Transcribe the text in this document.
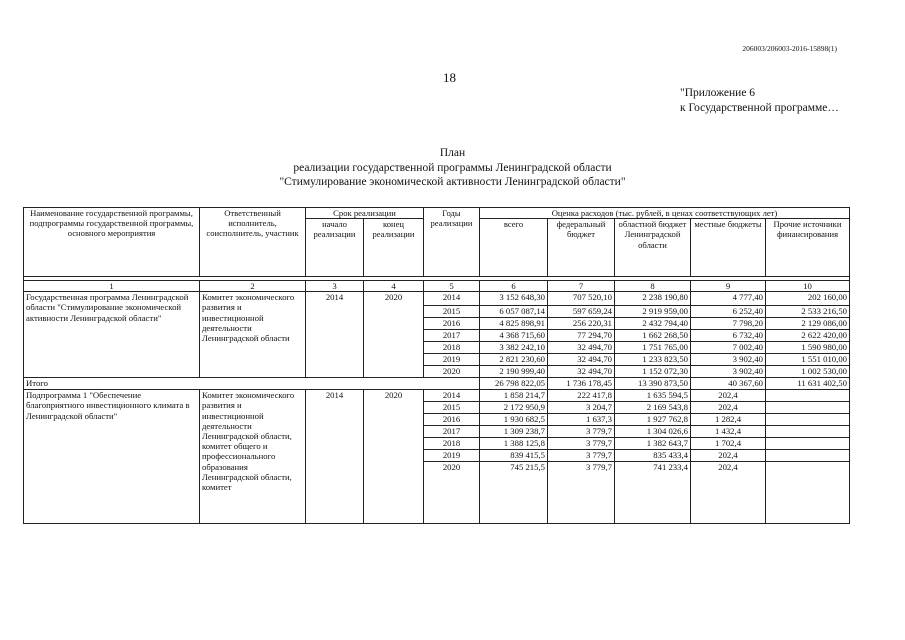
206003/206003-2016-15898(1)
18
"Приложение 6
к Государственной программе…
План
реализации государственной программы Ленинградской области
"Стимулирование экономической активности Ленинградской области"
Наименование государственной программы, подпрограммы государственной программы, основного мероприятия	Ответственный исполнитель, соисполнитель, участник	Срок реализации		Годы реализации	Оценка расходов (тыс. рублей, в ценах соответствующих лет)				
		начало реализации	конец реализации		всего	федеральный бюджет	областной бюджет Ленинградской области	местные бюджеты	Прочие источники финансирования

1	2	3	4	5	6	7	8	9	10
Государственная программа Ленинградской области "Стимулирование экономической активности Ленинградской области"	Комитет экономического развития и инвестиционной деятельности Ленинградской области	2014	2020	2014	3 152 648,30	707 520,10	2 238 190,80	4 777,40	202 160,00
				2015	6 057 087,14	597 659,24	2 919 959,00	6 252,40	2 533 216,50
				2016	4 825 898,91	256 220,31	2 432 794,40	7 798,20	2 129 086,00
				2017	4 368 715,60	77 294,70	1 662 268,50	6 732,40	2 622 420,00
				2018	3 382 242,10	32 494,70	1 751 765,00	7 002,40	1 590 980,00
				2019	2 821 230,60	32 494,70	1 233 823,50	3 902,40	1 551 010,00
				2020	2 190 999,40	32 494,70	1 152 072,30	3 902,40	1 002 530,00
Итого					26 798 822,05	1 736 178,45	13 390 873,50	40 367,60	11 631 402,50
Подпрограмма 1 "Обеспечение благоприятного инвестиционного климата в Ленинградской области"	Комитет экономического развития и инвестиционной деятельности Ленинградской области, комитет общего и профессионального образования Ленинградской области, комитет	2014	2020	2014	1 858 214,7	222 417,8	1 635 594,5	202,4	
				2015	2 172 950,9	3 204,7	2 169 543,8	202,4	
				2016	1 930 682,5	1 637,3	1 927 762,8	1 282,4	
				2017	1 309 238,7	3 779,7	1 304 026,6	1 432,4	
				2018	1 388 125,8	3 779,7	1 382 643,7	1 702,4	
				2019	839 415,5	3 779,7	835 433,4	202,4	
				2020	745 215,5	3 779,7	741 233,4	202,4	
